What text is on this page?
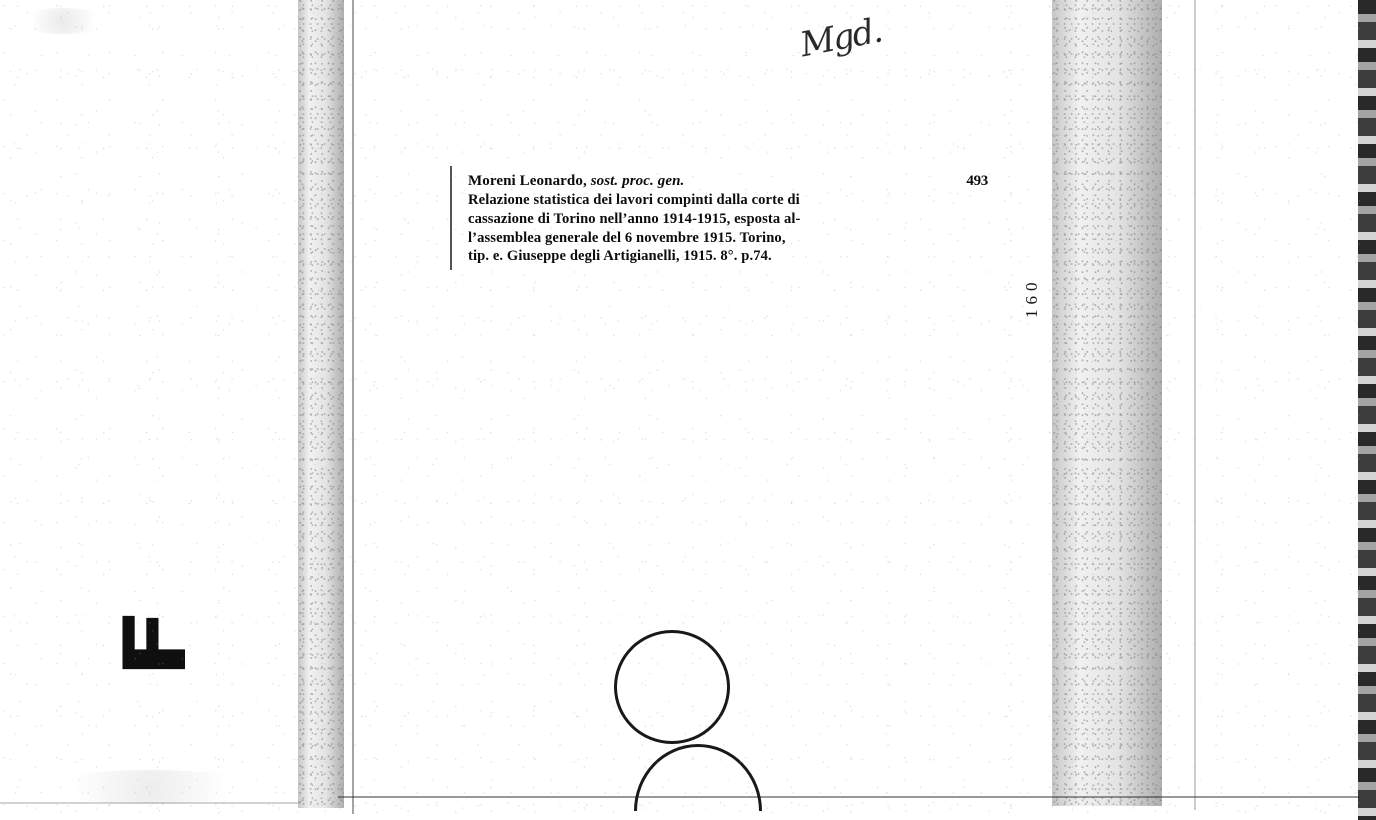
Mgd.
Moreni Leonardo, sost. proc. gen.	493
Relazione statistica dei lavori compinti dalla corte di
cassazione di Torino nell’anno 1914-1915, esposta al-
l’assemblea generale del 6 novembre 1915. Torino,
tip. e. Giuseppe degli Artigianelli, 1915. 8°. p.74.
160
F
